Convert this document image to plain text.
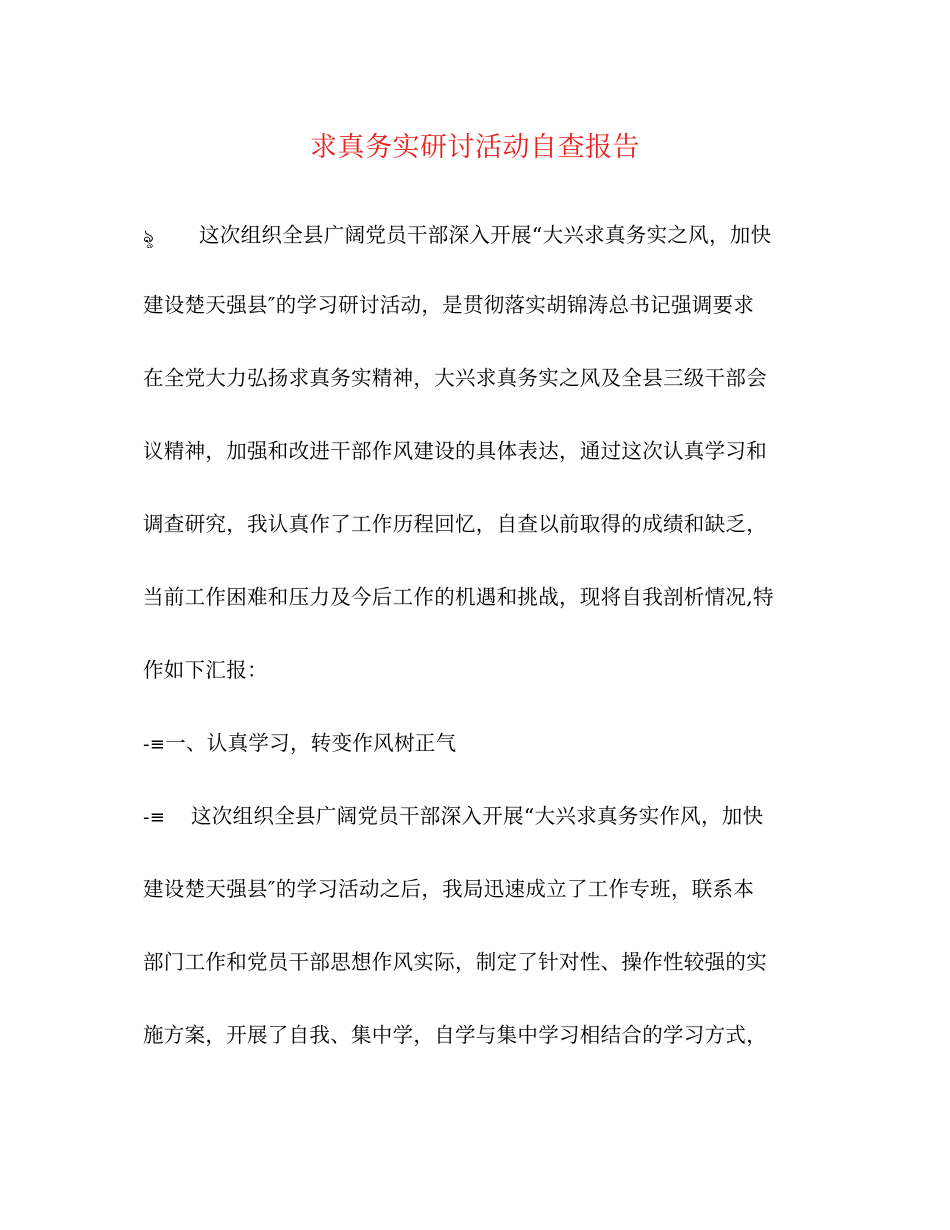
求真务实研讨活动自查报告
ৡ 这次组织全县广阔党员干部深入开展“大兴求真务实之风，加快
建设楚天强县″的学习研讨活动，是贯彻落实胡锦涛总书记强调要求
在全党大力弘扬求真务实精神，大兴求真务实之风及全县三级干部会
议精神，加强和改进干部作风建设的具体表达，通过这次认真学习和
调查研究，我认真作了工作历程回忆，自查以前取得的成绩和缺乏，
当前工作困难和压力及今后工作的机遇和挑战，现将自我剖析情况,特
作如下汇报：
-≡一、认真学习，转变作风树正气
-≡ 这次组织全县广阔党员干部深入开展“大兴求真务实作风，加快
建设楚天强县″的学习活动之后，我局迅速成立了工作专班，联系本
部门工作和党员干部思想作风实际，制定了针对性、操作性较强的实
施方案，开展了自我、集中学，自学与集中学习相结合的学习方式，
